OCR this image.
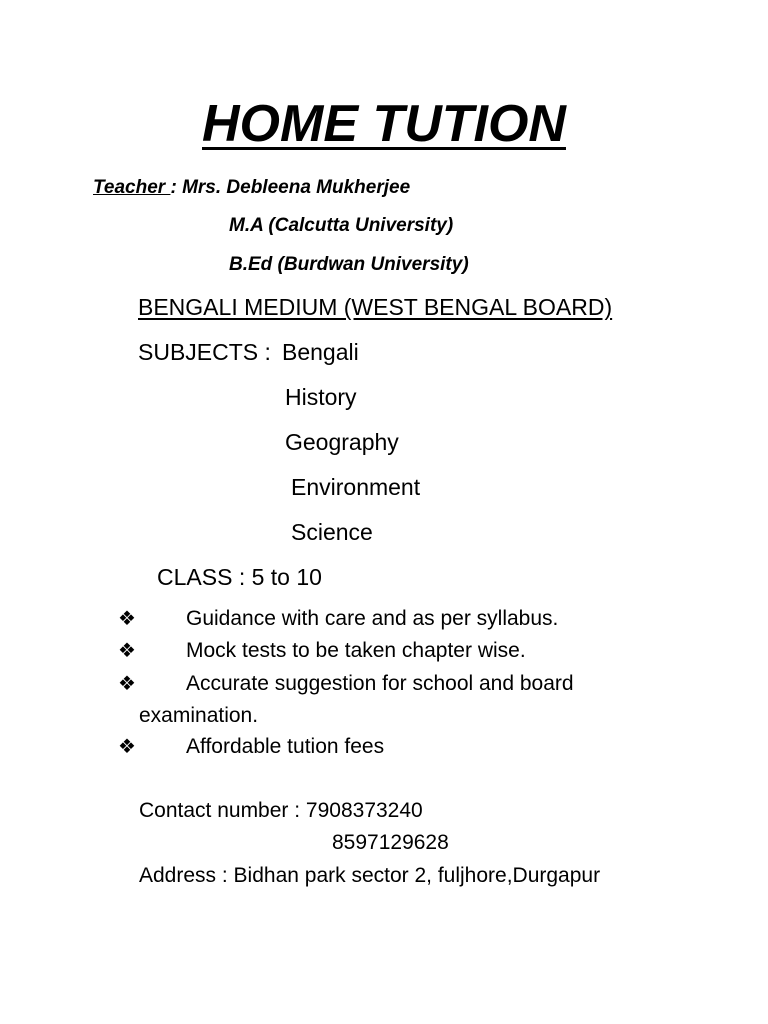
HOME TUTION
Teacher : Mrs. Debleena Mukherjee
M.A (Calcutta University)
B.Ed (Burdwan University)
BENGALI MEDIUM (WEST BENGAL BOARD)
SUBJECTS : Bengali
History
Geography
Environment
Science
CLASS : 5 to 10
❖ Guidance with care and as per syllabus.
❖ Mock tests to be taken chapter wise.
❖ Accurate suggestion for school and board
examination.
❖ Affordable tution fees
Contact number : 7908373240
8597129628
Address : Bidhan park sector 2, fuljhore,Durgapur
